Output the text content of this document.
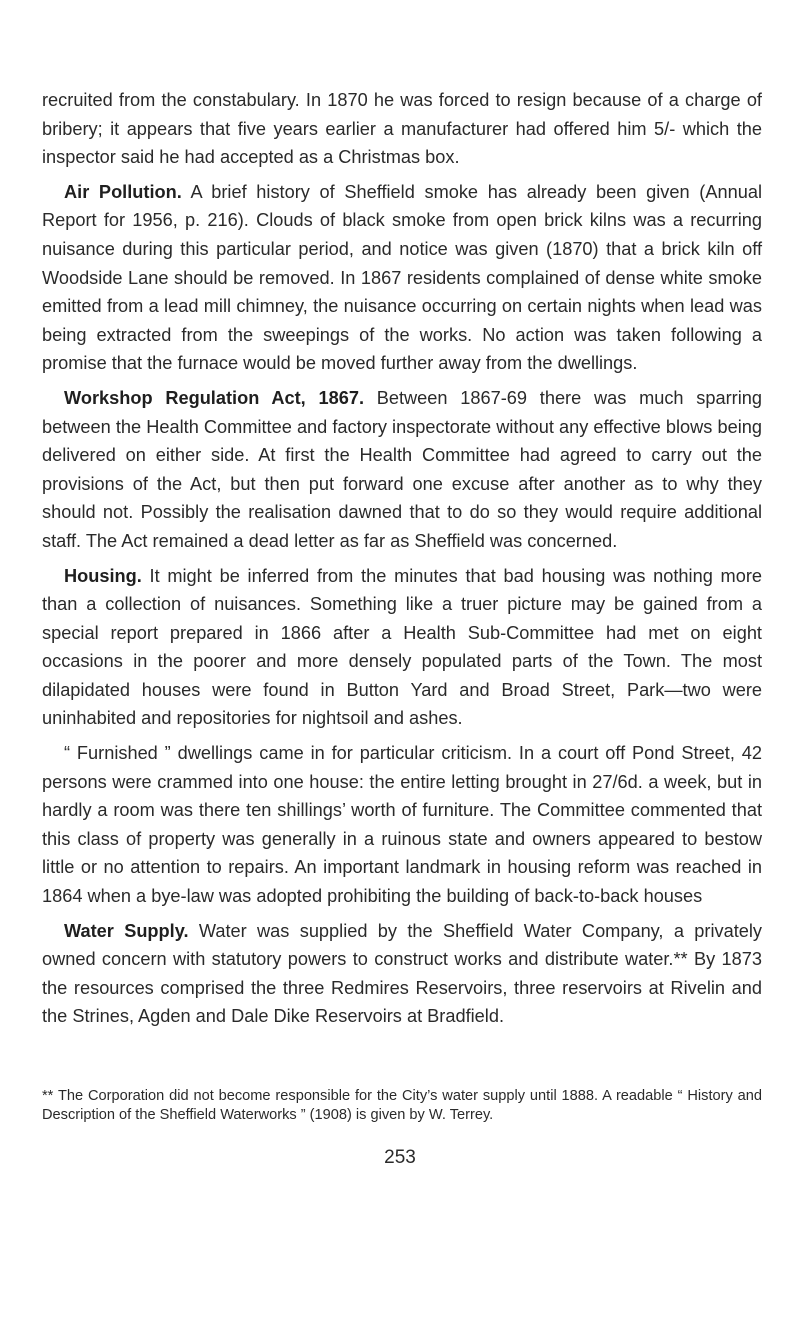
recruited from the constabulary. In 1870 he was forced to resign because of a charge of bribery; it appears that five years earlier a manufacturer had offered him 5/- which the inspector said he had accepted as a Christmas box.

Air Pollution. A brief history of Sheffield smoke has already been given (Annual Report for 1956, p. 216). Clouds of black smoke from open brick kilns was a recurring nuisance during this particular period, and notice was given (1870) that a brick kiln off Woodside Lane should be removed. In 1867 residents complained of dense white smoke emitted from a lead mill chimney, the nuisance occurring on certain nights when lead was being extracted from the sweepings of the works. No action was taken following a promise that the furnace would be moved further away from the dwellings.

Workshop Regulation Act, 1867. Between 1867-69 there was much sparring between the Health Committee and factory inspectorate without any effective blows being delivered on either side. At first the Health Committee had agreed to carry out the provisions of the Act, but then put forward one excuse after another as to why they should not. Possibly the realisation dawned that to do so they would require additional staff. The Act remained a dead letter as far as Sheffield was concerned.

Housing. It might be inferred from the minutes that bad housing was nothing more than a collection of nuisances. Something like a truer picture may be gained from a special report prepared in 1866 after a Health Sub-Committee had met on eight occasions in the poorer and more densely populated parts of the Town. The most dilapidated houses were found in Button Yard and Broad Street, Park—two were uninhabited and repositories for nightsoil and ashes.

“ Furnished ” dwellings came in for particular criticism. In a court off Pond Street, 42 persons were crammed into one house: the entire letting brought in 27/6d. a week, but in hardly a room was there ten shillings’ worth of furniture. The Committee commented that this class of property was generally in a ruinous state and owners appeared to bestow little or no attention to repairs. An important landmark in housing reform was reached in 1864 when a bye-law was adopted prohibiting the building of back-to-back houses

Water Supply. Water was supplied by the Sheffield Water Company, a privately owned concern with statutory powers to construct works and distribute water.** By 1873 the resources comprised the three Redmires Reservoirs, three reservoirs at Rivelin and the Strines, Agden and Dale Dike Reservoirs at Bradfield.

** The Corporation did not become responsible for the City’s water supply until 1888. A readable “ History and Description of the Sheffield Waterworks ” (1908) is given by W. Terrey.

253
